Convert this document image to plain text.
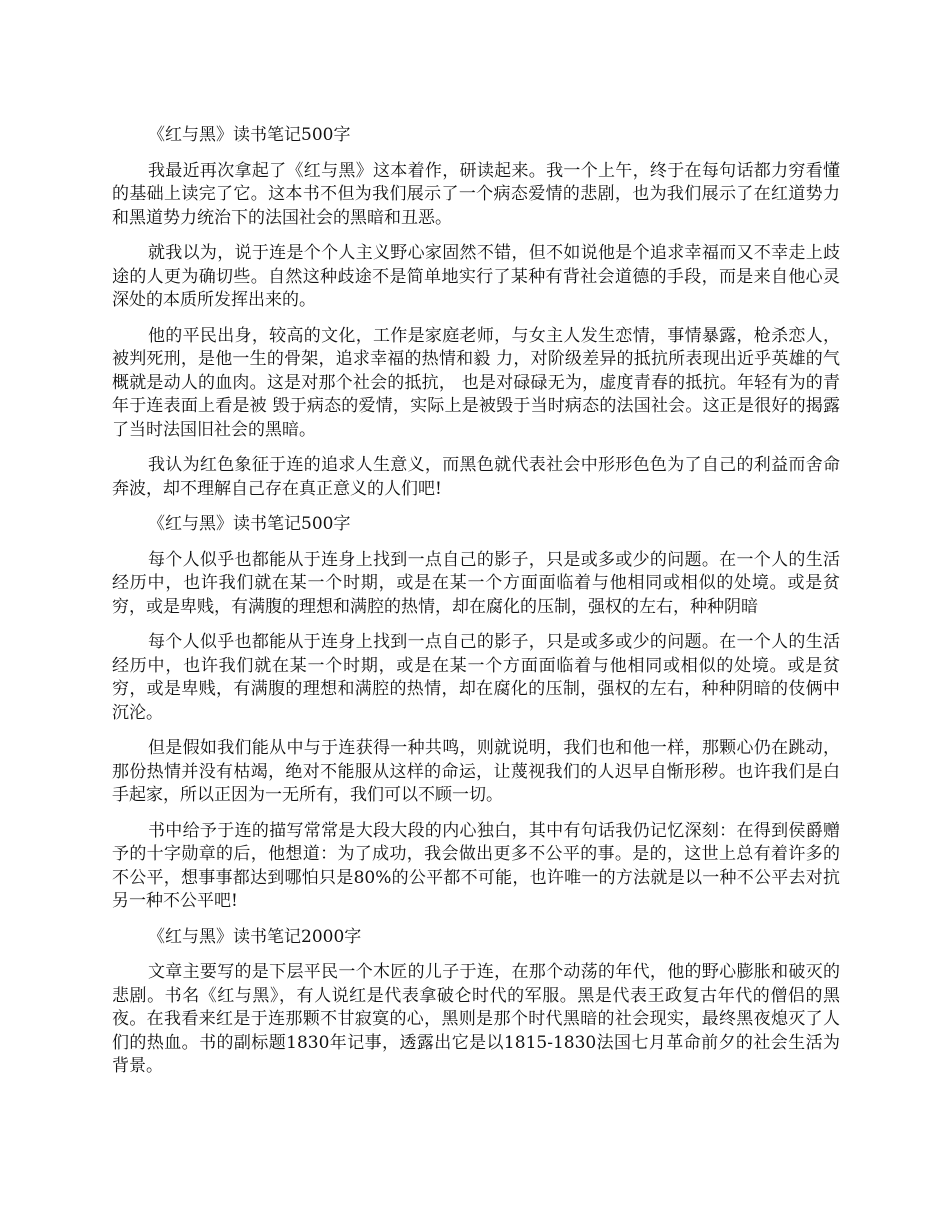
《红与黑》读书笔记500字

我最近再次拿起了《红与黑》这本着作，研读起来。我一个上午，终于在每句话都力穷看懂的基础上读完了它。这本书不但为我们展示了一个病态爱情的悲剧，也为我们展示了在红道势力和黑道势力统治下的法国社会的黑暗和丑恶。

就我以为，说于连是个个人主义野心家固然不错，但不如说他是个追求幸福而又不幸走上歧途的人更为确切些。自然这种歧途不是简单地实行了某种有背社会道德的手段，而是来自他心灵深处的本质所发挥出来的。

他的平民出身，较高的文化，工作是家庭老师，与女主人发生恋情，事情暴露，枪杀恋人，被判死刑，是他一生的骨架，追求幸福的热情和毅 力，对阶级差异的抵抗所表现出近乎英雄的气概就是动人的血肉。这是对那个社会的抵抗， 也是对碌碌无为，虚度青春的抵抗。年轻有为的青年于连表面上看是被 毁于病态的爱情，实际上是被毁于当时病态的法国社会。这正是很好的揭露了当时法国旧社会的黑暗。

我认为红色象征于连的追求人生意义，而黑色就代表社会中形形色色为了自己的利益而舍命奔波，却不理解自己存在真正意义的人们吧!

《红与黑》读书笔记500字

每个人似乎也都能从于连身上找到一点自己的影子，只是或多或少的问题。在一个人的生活经历中，也许我们就在某一个时期，或是在某一个方面面临着与他相同或相似的处境。或是贫穷，或是卑贱，有满腹的理想和满腔的热情，却在腐化的压制，强权的左右，种种阴暗

每个人似乎也都能从于连身上找到一点自己的影子，只是或多或少的问题。在一个人的生活经历中，也许我们就在某一个时期，或是在某一个方面面临着与他相同或相似的处境。或是贫穷，或是卑贱，有满腹的理想和满腔的热情，却在腐化的压制，强权的左右，种种阴暗的伎俩中沉沦。

但是假如我们能从中与于连获得一种共鸣，则就说明，我们也和他一样，那颗心仍在跳动，那份热情并没有枯竭，绝对不能服从这样的命运，让蔑视我们的人迟早自惭形秽。也许我们是白手起家，所以正因为一无所有，我们可以不顾一切。

书中给予于连的描写常常是大段大段的内心独白，其中有句话我仍记忆深刻：在得到侯爵赠予的十字勋章的后，他想道：为了成功，我会做出更多不公平的事。是的，这世上总有着许多的不公平，想事事都达到哪怕只是80%的公平都不可能，也许唯一的方法就是以一种不公平去对抗另一种不公平吧!

《红与黑》读书笔记2000字

文章主要写的是下层平民一个木匠的儿子于连，在那个动荡的年代，他的野心膨胀和破灭的悲剧。书名《红与黑》，有人说红是代表拿破仑时代的军服。黑是代表王政复古年代的僧侣的黑夜。在我看来红是于连那颗不甘寂寞的心，黑则是那个时代黑暗的社会现实，最终黑夜熄灭了人们的热血。书的副标题1830年记事，透露出它是以1815-1830法国七月革命前夕的社会生活为背景。
